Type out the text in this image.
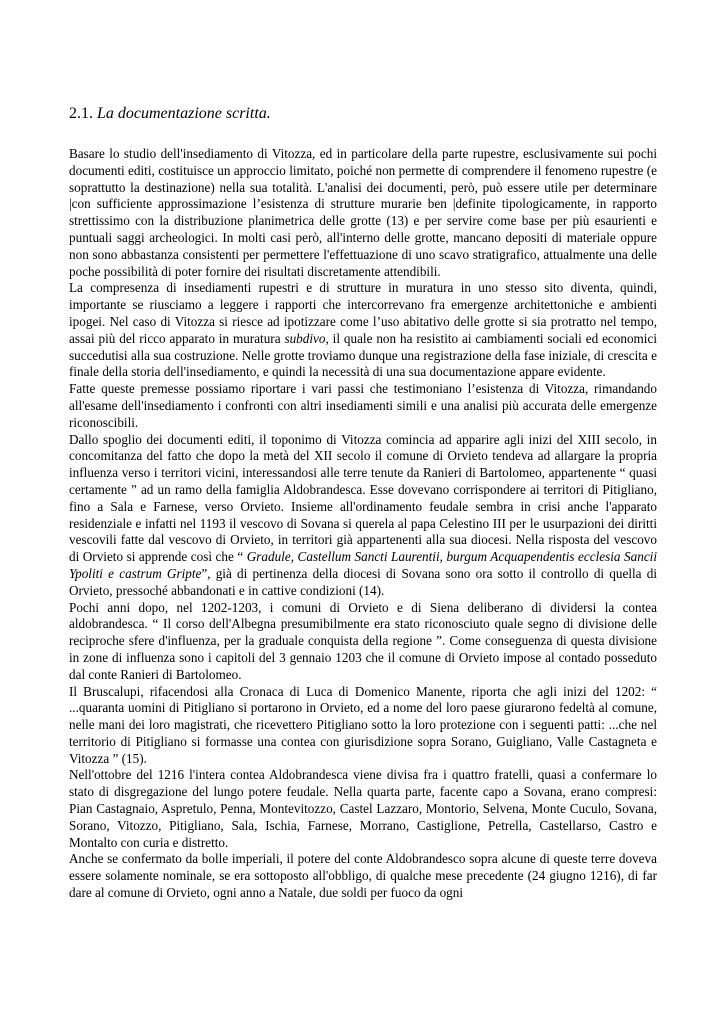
2.1. La documentazione scritta.

Basare lo studio dell'insediamento di Vitozza, ed in particolare della parte rupestre, esclusivamente sui pochi documenti editi, costituisce un approccio limitato, poiché non permette di comprendere il fenomeno rupestre (e soprattutto la destinazione) nella sua totalità. L'analisi dei documenti, però, può essere utile per determinare |con sufficiente approssimazione l’esistenza di strutture murarie ben |definite tipologicamente, in rapporto strettissimo con la distribuzione planimetrica delle grotte (13) e per servire come base per più esaurienti e puntuali saggi archeologici. In molti casi però, all'interno delle grotte, mancano depositi di materiale oppure non sono abbastanza consistenti per permettere l'effettuazione di uno scavo stratigrafico, attualmente una delle poche possibilità di poter fornire dei risultati discretamente attendibili.

La compresenza di insediamenti rupestri e di strutture in muratura in uno stesso sito diventa, quindi, importante se riusciamo a leggere i rapporti che intercorrevano fra emergenze architettoniche e ambienti ipogei. Nel caso di Vitozza si riesce ad ipotizzare come l’uso abitativo delle grotte si sia protratto nel tempo, assai più del ricco apparato in muratura subdivo, il quale non ha resistito ai cambiamenti sociali ed economici succedutisi alla sua costruzione. Nelle grotte troviamo dunque una registrazione della fase iniziale, di crescita e finale della storia dell'insediamento, e quindi la necessità di una sua documentazione appare evidente.

Fatte queste premesse possiamo riportare i vari passi che testimoniano l’esistenza di Vitozza, rimandando all'esame dell'insediamento i confronti con altri insediamenti simili e una analisi più accurata delle emergenze riconoscibili.

Dallo spoglio dei documenti editi, il toponimo di Vitozza comincia ad apparire agli inizi del XIII secolo, in concomitanza del fatto che dopo la metà del XII secolo il comune di Orvieto tendeva ad allargare la propria influenza verso i territori vicini, interessandosi alle terre tenute da Ranieri di Bartolomeo, appartenente “ quasi certamente ” ad un ramo della famiglia Aldobrandesca. Esse dovevano corrispondere ai territori di Pitigliano, fino a Sala e Farnese, verso Orvieto. Insieme all'ordinamento feudale sembra in crisi anche l'apparato residenziale e infatti nel 1193 il vescovo di Sovana si querela al papa Celestino III per le usurpazioni dei diritti vescovili fatte dal vescovo di Orvieto, in territori già appartenenti alla sua diocesi. Nella risposta del vescovo di Orvieto si apprende così che “ Gradule, Castellum Sancti Laurentii, burgum Acquapendentis ecclesia Sancii Ypoliti e castrum Gripte”, già di pertinenza della diocesi di Sovana sono ora sotto il controllo di quella di Orvieto, pressoché abbandonati e in cattive condizioni (14).

Pochi anni dopo, nel 1202-1203, i comuni di Orvieto e di Siena deliberano di dividersi la contea aldobrandesca. “ Il corso dell'Albegna presumibilmente era stato riconosciuto quale segno di divisione delle reciproche sfere d'influenza, per la graduale conquista della regione ”. Come conseguenza di questa divisione in zone di influenza sono i capitoli del 3 gennaio 1203 che il comune di Orvieto impose al contado posseduto dal conte Ranieri di Bartolomeo.

Il Bruscalupi, rifacendosi alla Cronaca di Luca di Domenico Manente, riporta che agli inizi del 1202: “ ...quaranta uomini di Pitigliano si portarono in Orvieto, ed a nome del loro paese giurarono fedeltà al comune, nelle mani dei loro magistrati, che ricevettero Pitigliano sotto la loro protezione con i seguenti patti: ...che nel territorio di Pitigliano si formasse una contea con giurisdizione sopra Sorano, Guigliano, Valle Castagneta e Vitozza ” (15).

Nell'ottobre del 1216 l'intera contea Aldobrandesca viene divisa fra i quattro fratelli, quasi a confermare lo stato di disgregazione del lungo potere feudale. Nella quarta parte, facente capo a Sovana, erano compresi: Pian Castagnaio, Aspretulo, Penna, Montevitozzo, Castel Lazzaro, Montorio, Selvena, Monte Cuculo, Sovana, Sorano, Vitozzo, Pitigliano, Sala, Ischia, Farnese, Morrano, Castiglione, Petrella, Castellarso, Castro e Montalto con curia e distretto.

Anche se confermato da bolle imperiali, il potere del conte Aldobrandesco sopra alcune di queste terre doveva essere solamente nominale, se era sottoposto all'obbligo, di qualche mese precedente (24 giugno 1216), di far dare al comune di Orvieto, ogni anno a Natale, due soldi per fuoco da ogni
